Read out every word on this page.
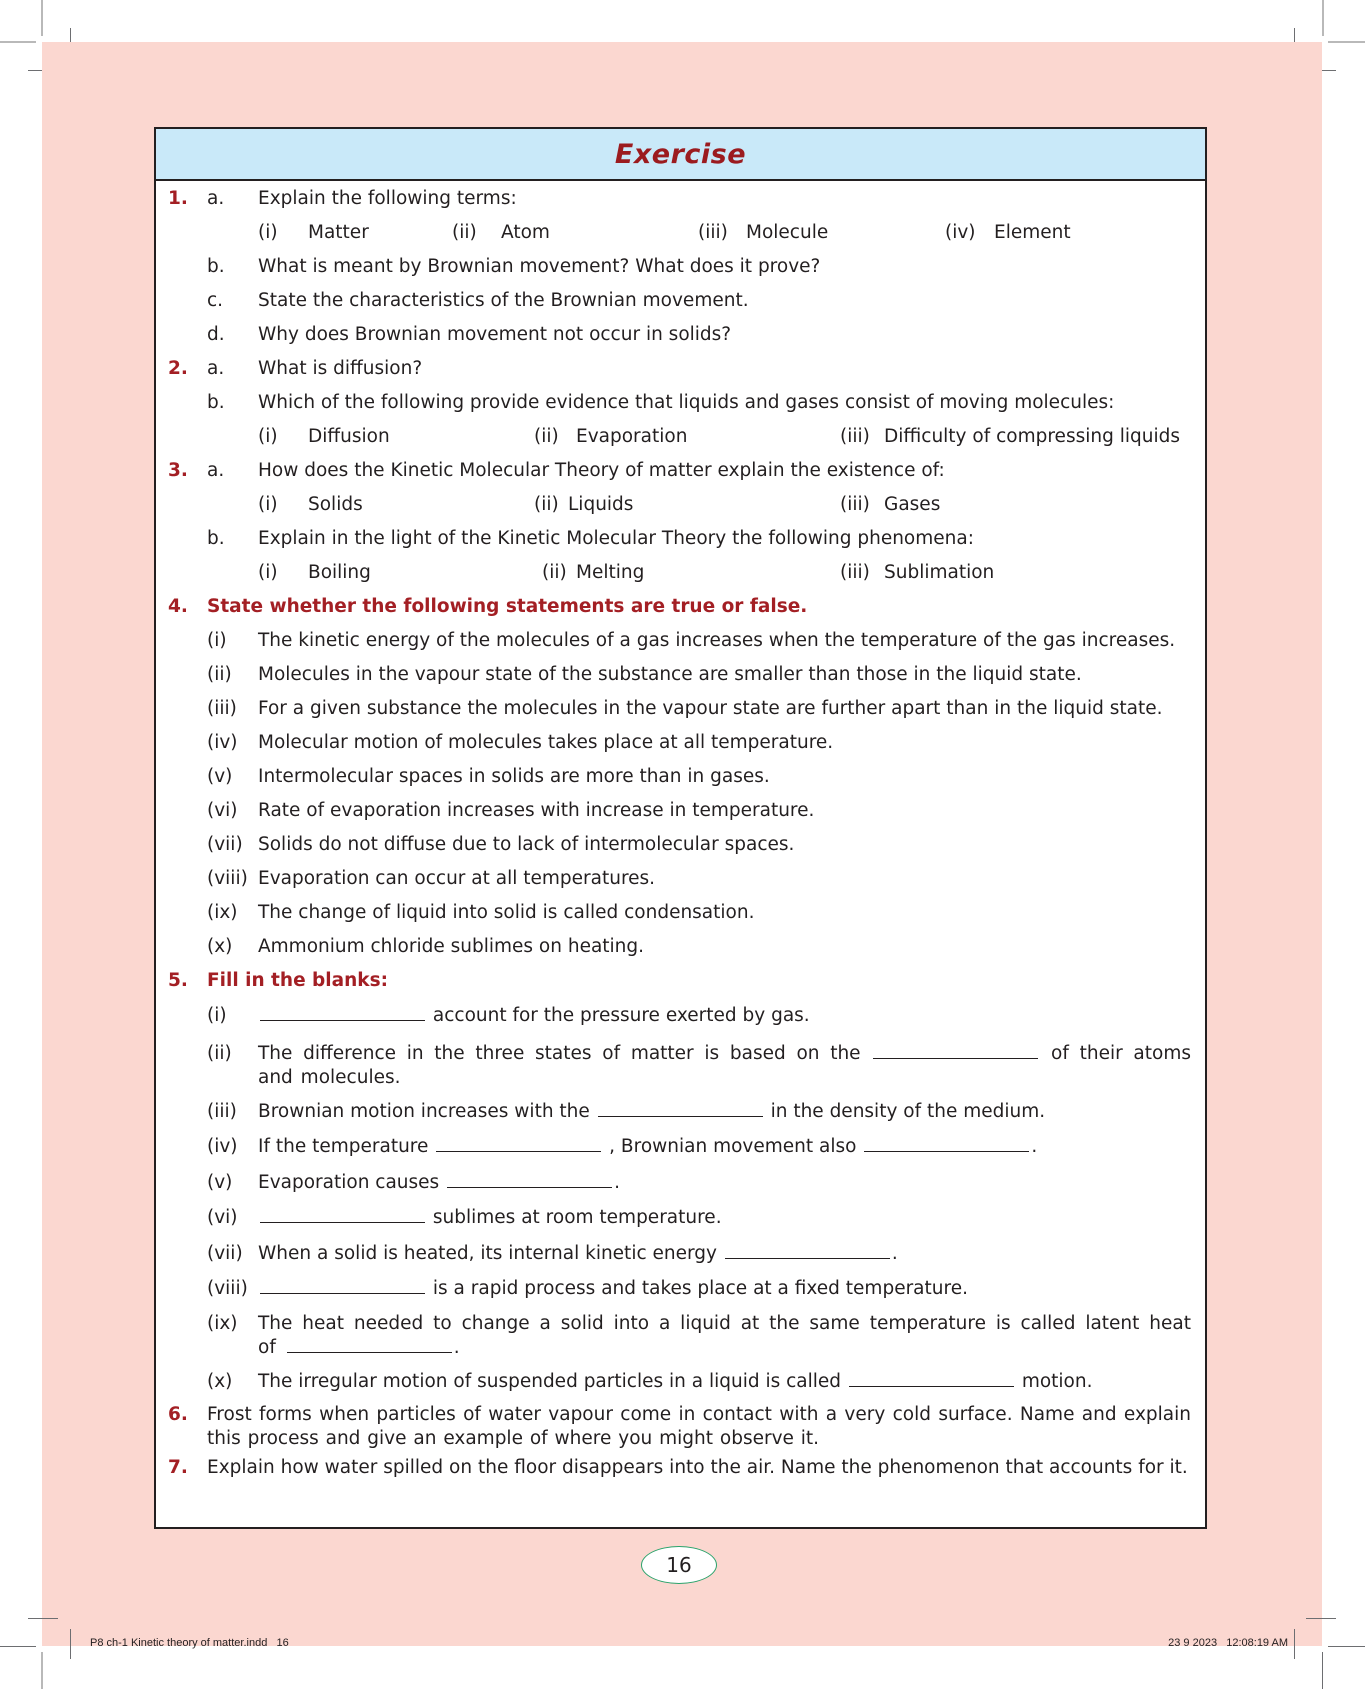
Exercise
1. a. Explain the following terms:
(i) Matter	(ii) Atom	(iii) Molecule	(iv) Element
b. What is meant by Brownian movement? What does it prove?
c. State the characteristics of the Brownian movement.
d. Why does Brownian movement not occur in solids?
2. a. What is diffusion?
b. Which of the following provide evidence that liquids and gases consist of moving molecules:
(i) Diffusion	(ii) Evaporation	(iii) Difficulty of compressing liquids
3. a. How does the Kinetic Molecular Theory of matter explain the existence of:
(i) Solids	(ii) Liquids	(iii) Gases
b. Explain in the light of the Kinetic Molecular Theory the following phenomena:
(i) Boiling	(ii) Melting	(iii) Sublimation
4. State whether the following statements are true or false.
(i) The kinetic energy of the molecules of a gas increases when the temperature of the gas increases.
(ii) Molecules in the vapour state of the substance are smaller than those in the liquid state.
(iii) For a given substance the molecules in the vapour state are further apart than in the liquid state.
(iv) Molecular motion of molecules takes place at all temperature.
(v) Intermolecular spaces in solids are more than in gases.
(vi) Rate of evaporation increases with increase in temperature.
(vii) Solids do not diffuse due to lack of intermolecular spaces.
(viii) Evaporation can occur at all temperatures.
(ix) The change of liquid into solid is called condensation.
(x) Ammonium chloride sublimes on heating.
5. Fill in the blanks:
(i)	account for the pressure exerted by gas.
(ii) The difference in the three states of matter is based on the	of their atoms and molecules.
(iii) Brownian motion increases with the	in the density of the medium.
(iv) If the temperature	, Brownian movement also	.
(v) Evaporation causes	.
(vi)	sublimes at room temperature.
(vii) When a solid is heated, its internal kinetic energy	.
(viii)	is a rapid process and takes place at a fixed temperature.
(ix) The heat needed to change a solid into a liquid at the same temperature is called latent heat of	.
(x) The irregular motion of suspended particles in a liquid is called	motion.
6. Frost forms when particles of water vapour come in contact with a very cold surface. Name and explain this process and give an example of where you might observe it.
7. Explain how water spilled on the floor disappears into the air. Name the phenomenon that accounts for it.
16
P8 ch-1 Kinetic theory of matter.indd   16	23 9 2023   12:08:19 AM
